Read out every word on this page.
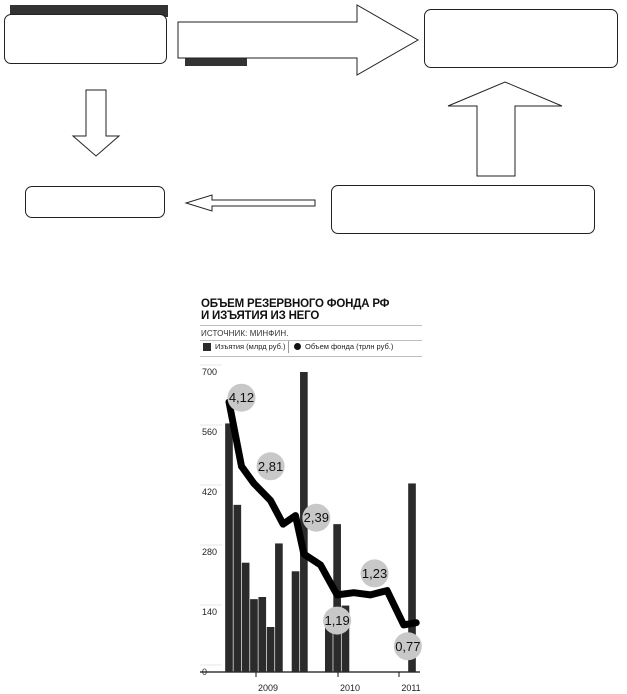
ОБЪЕМ РЕЗЕРВНОГО ФОНДА РФ
И ИЗЪЯТИЯ ИЗ НЕГО
ИСТОЧНИК: МИНФИН.
Изъятия (млрд руб.)	Объем фонда (трлн руб.)
4,12
2,81
2,39
1,19
1,23
0,77
700
560
420
280
140
0
2009	2010	2011
